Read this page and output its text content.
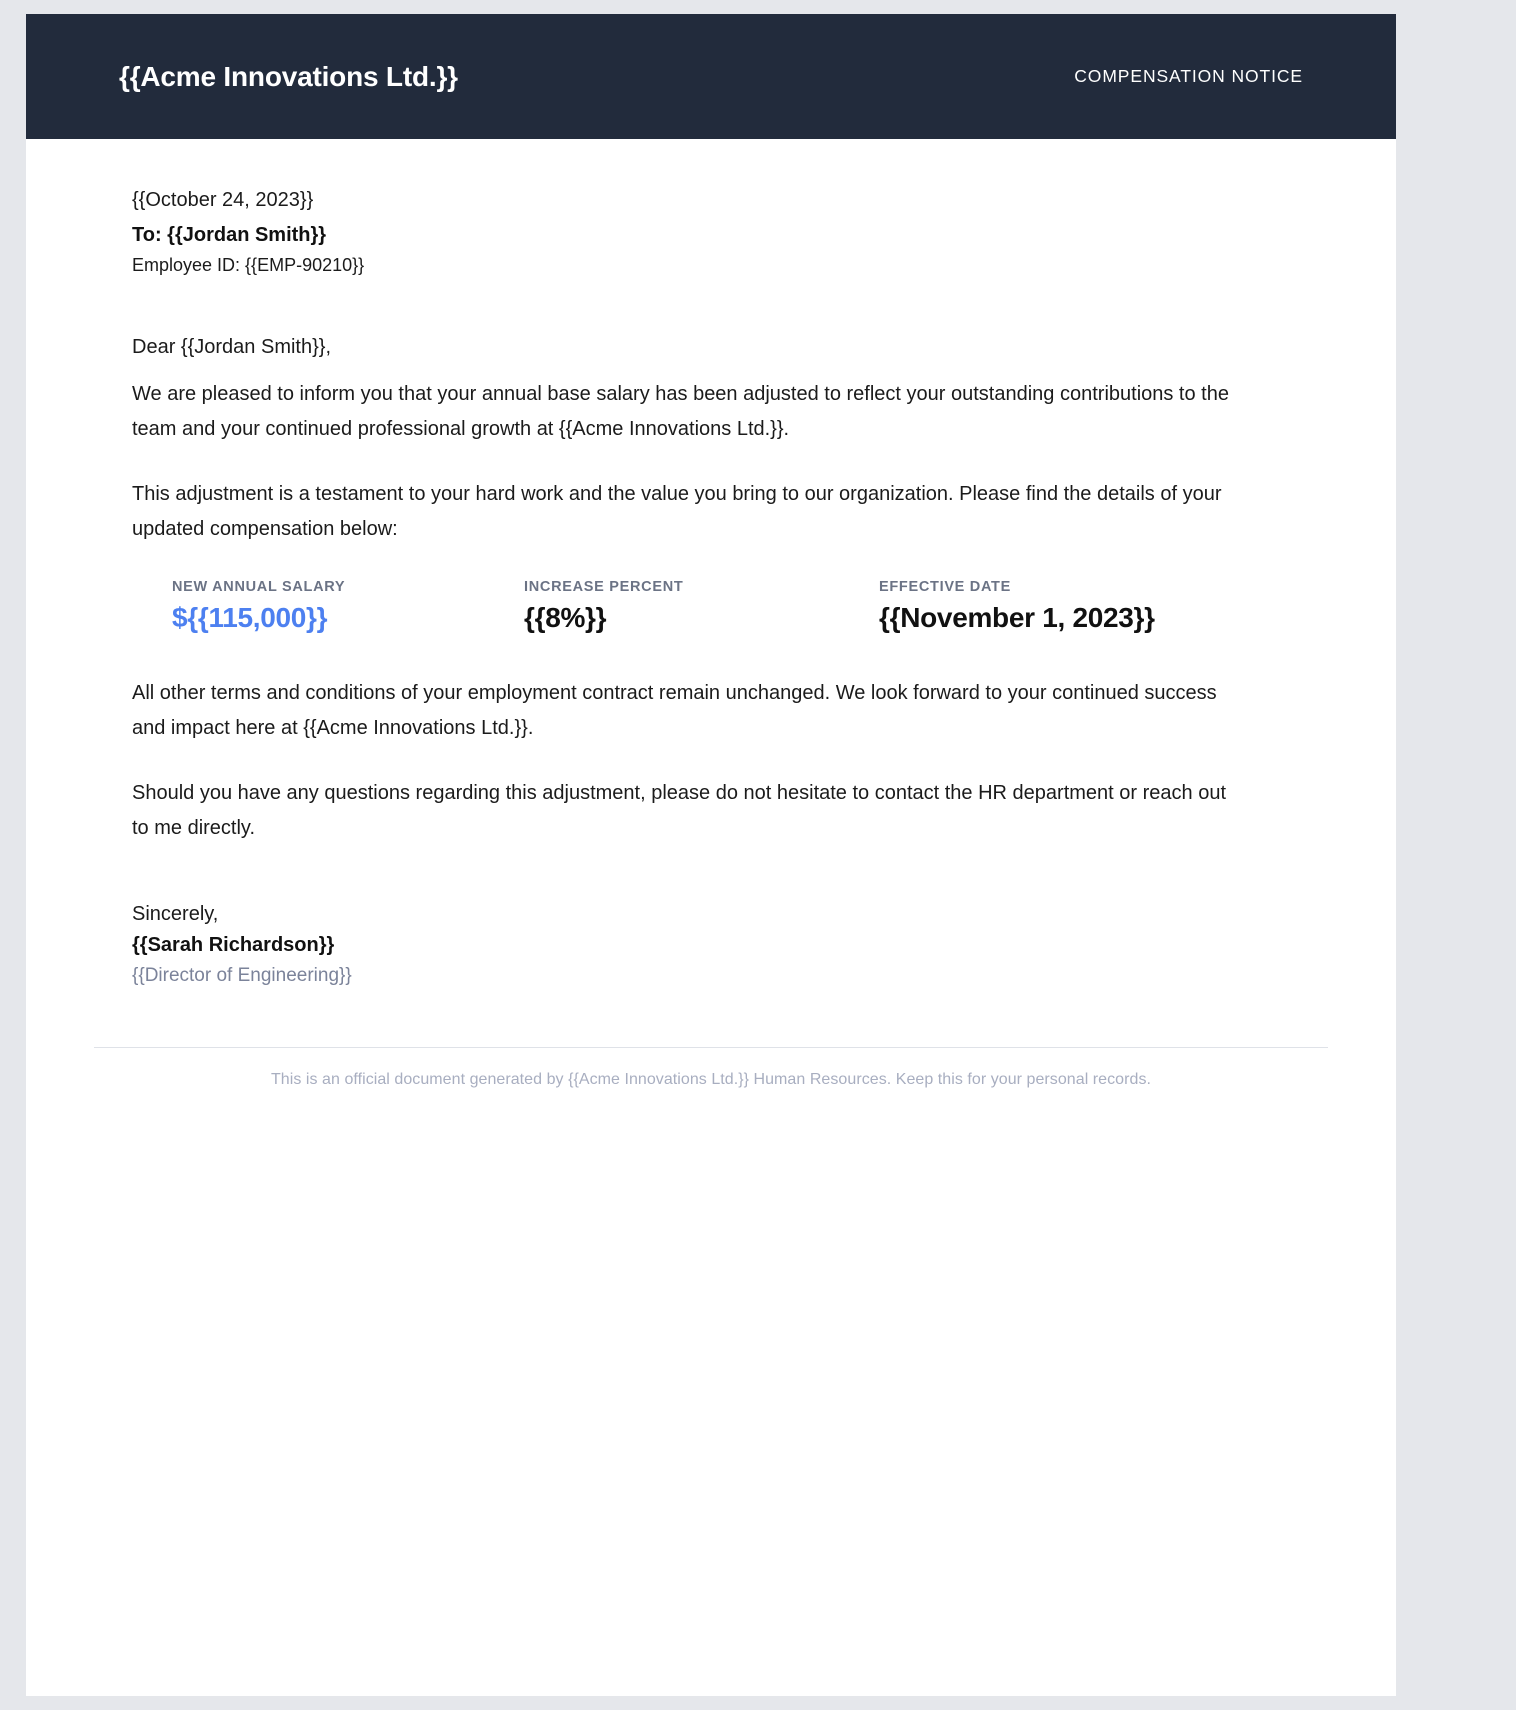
{{Acme Innovations Ltd.}}	COMPENSATION NOTICE
{{October 24, 2023}}
To: {{Jordan Smith}}
Employee ID: {{EMP-90210}}
Dear {{Jordan Smith}},

We are pleased to inform you that your annual base salary has been adjusted to reflect your outstanding contributions to the team and your continued professional growth at {{Acme Innovations Ltd.}}.

This adjustment is a testament to your hard work and the value you bring to our organization. Please find the details of your updated compensation below:

NEW ANNUAL SALARY
${{115,000}}
INCREASE PERCENT
{{8%}}
EFFECTIVE DATE
{{November 1, 2023}}

All other terms and conditions of your employment contract remain unchanged. We look forward to your continued success and impact here at {{Acme Innovations Ltd.}}.

Should you have any questions regarding this adjustment, please do not hesitate to contact the HR department or reach out to me directly.

Sincerely,
{{Sarah Richardson}}
{{Director of Engineering}}
This is an official document generated by {{Acme Innovations Ltd.}} Human Resources. Keep this for your personal records.
